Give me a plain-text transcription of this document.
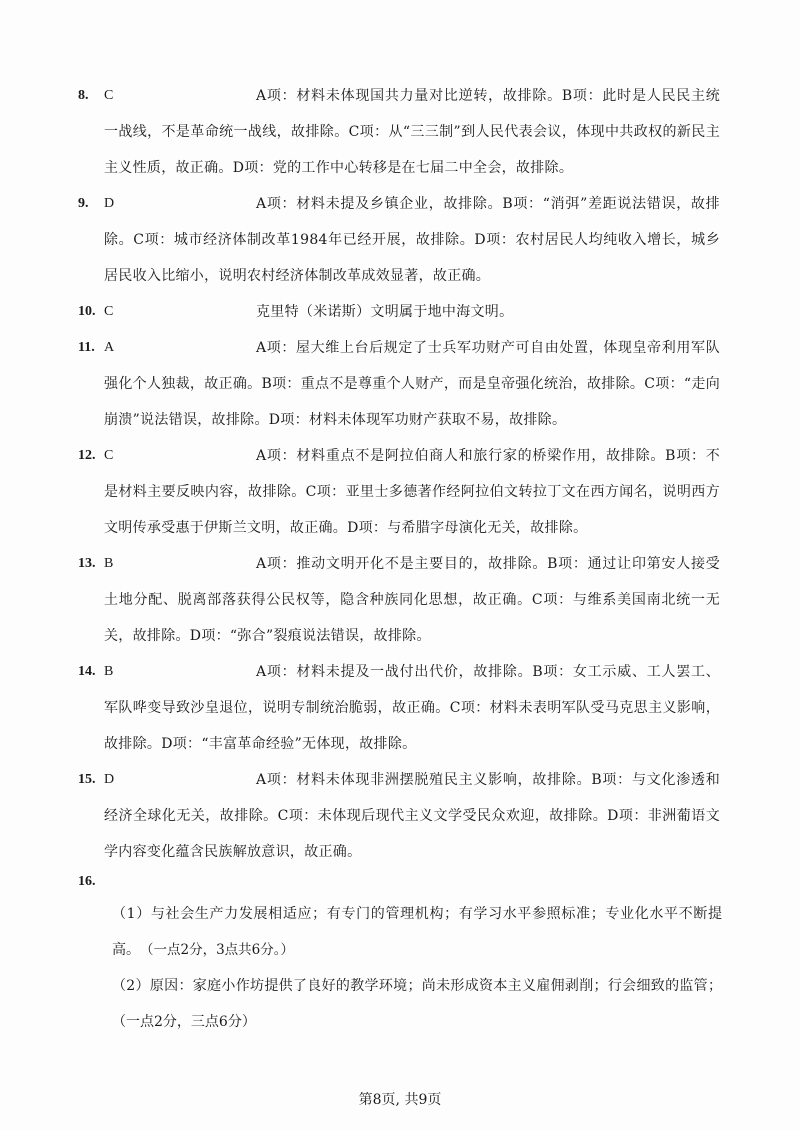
8.	C	A项：材料未体现国共力量对比逆转，故排除。B项：此时是人民民主统一战线，不是革命统一战线，故排除。C项：从“三三制”到人民代表会议，体现中共政权的新民主主义性质，故正确。D项：党的工作中心转移是在七届二中全会，故排除。

9.	D	A项：材料未提及乡镇企业，故排除。B项：“消弭”差距说法错误，故排除。C项：城市经济体制改革1984年已经开展，故排除。D项：农村居民人均纯收入增长，城乡居民收入比缩小，说明农村经济体制改革成效显著，故正确。

10. C	克里特（米诺斯）文明属于地中海文明。

11. A	A项：屋大维上台后规定了士兵军功财产可自由处置，体现皇帝利用军队强化个人独裁，故正确。B项：重点不是尊重个人财产，而是皇帝强化统治，故排除。C项：“走向崩溃”说法错误，故排除。D项：材料未体现军功财产获取不易，故排除。

12. C	A项：材料重点不是阿拉伯商人和旅行家的桥梁作用，故排除。B项：不是材料主要反映内容，故排除。C项：亚里士多德著作经阿拉伯文转拉丁文在西方闻名，说明西方文明传承受惠于伊斯兰文明，故正确。D项：与希腊字母演化无关，故排除。

13. B	A项：推动文明开化不是主要目的，故排除。B项：通过让印第安人接受土地分配、脱离部落获得公民权等，隐含种族同化思想，故正确。C项：与维系美国南北统一无关，故排除。D项：“弥合”裂痕说法错误，故排除。

14. B	A项：材料未提及一战付出代价，故排除。B项：女工示威、工人罢工、军队哗变导致沙皇退位，说明专制统治脆弱，故正确。C项：材料未表明军队受马克思主义影响，故排除。D项：“丰富革命经验”无体现，故排除。

15. D	A项：材料未体现非洲摆脱殖民主义影响，故排除。B项：与文化渗透和经济全球化无关，故排除。C项：未体现后现代主义文学受民众欢迎，故排除。D项：非洲葡语文学内容变化蕴含民族解放意识，故正确。

16.

（1）与社会生产力发展相适应；有专门的管理机构；有学习水平参照标准；专业化水平不断提高。 （一点2分，3点共6分。）

（2）原因：家庭小作坊提供了良好的教学环境；尚未形成资本主义雇佣剥削；行会细致的监管；（一点2分，三点6分）

第8页, 共9页
